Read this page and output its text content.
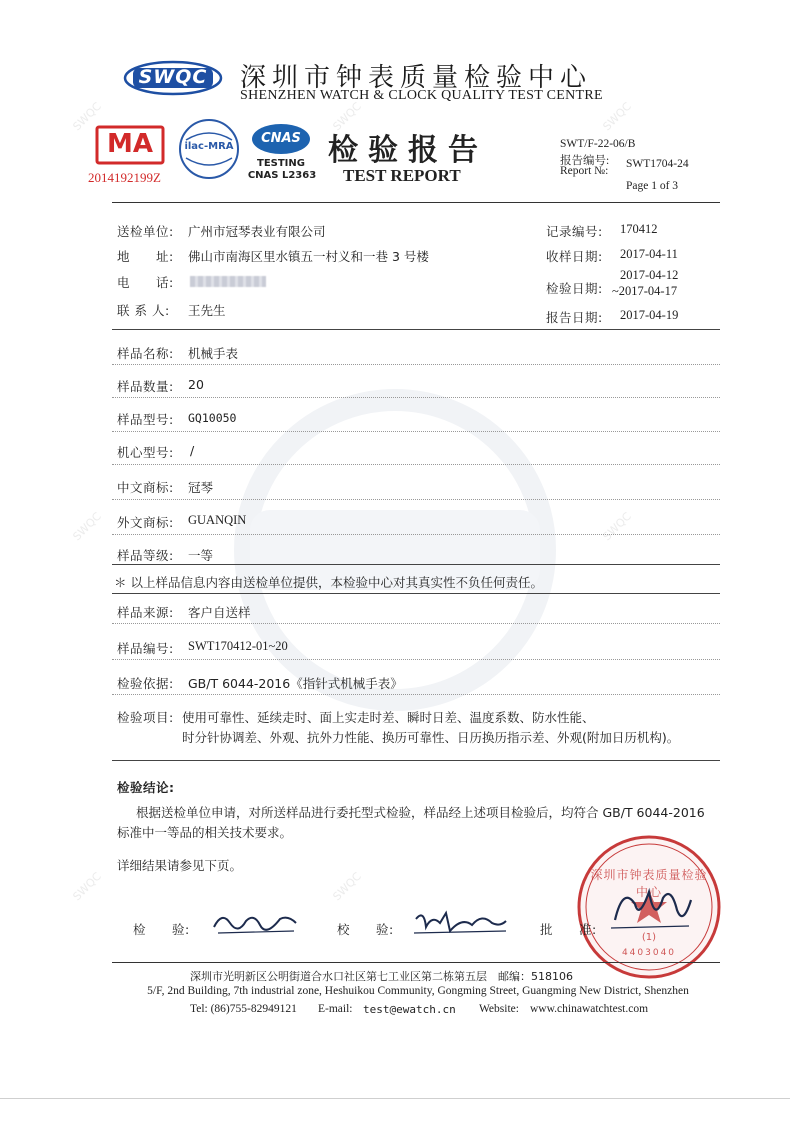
SWQC	SWQC	SWQC
SWQC	SWQC
SWQC	SWQC
SWQC 深圳市钟表质量检验中心
SHENZHEN WATCH & CLOCK QUALITY TEST CENTRE
MA
2014192199Z
ilac-MRA
CNAS
TESTING
CNAS L2363
检验报告
TEST REPORT
SWT/F-22-06/B
报告编号:
Report №:
SWT1704-24
Page 1 of 3
送检单位: 广州市冠琴表业有限公司
地　　址: 佛山市南海区里水镇五一村义和一巷 3 号楼
电　　话:
联 系 人: 王先生
记录编号: 170412
收样日期: 2017-04-11
检验日期:
2017-04-12
~2017-04-17
报告日期: 2017-04-19
样品名称: 机械手表
样品数量: 20
样品型号: GQ10050
机心型号: /
中文商标: 冠琴
外文商标: GUANQIN
样品等级: 一等
＊ 以上样品信息内容由送检单位提供，本检验中心对其真实性不负任何责任。
样品来源: 客户自送样
样品编号: SWT170412-01~20
检验依据: GB/T 6044-2016《指针式机械手表》
检验项目: 使用可靠性、延续走时、面上实走时差、瞬时日差、温度系数、防水性能、
时分针协调差、外观、抗外力性能、换历可靠性、日历换历指示差、外观(附加日历机构)。
检验结论:
根据送检单位申请，对所送样品进行委托型式检验，样品经上述项目检验后，均符合 GB/T 6044-2016
标准中一等品的相关技术要求。
详细结果请参见下页。
深圳市钟表质量检验中心
(1)
4403040
检　　验:	校　　验:	批　　准:
深圳市光明新区公明街道合水口社区第七工业区第二栋第五层　邮编：518106
5/F, 2nd Building, 7th industrial zone, Heshuikou Community, Gongming Street, Guangming New District, Shenzhen
Tel: (86)755-82949121 E-mail: test@ewatch.cn Website: www.chinawatchtest.com
